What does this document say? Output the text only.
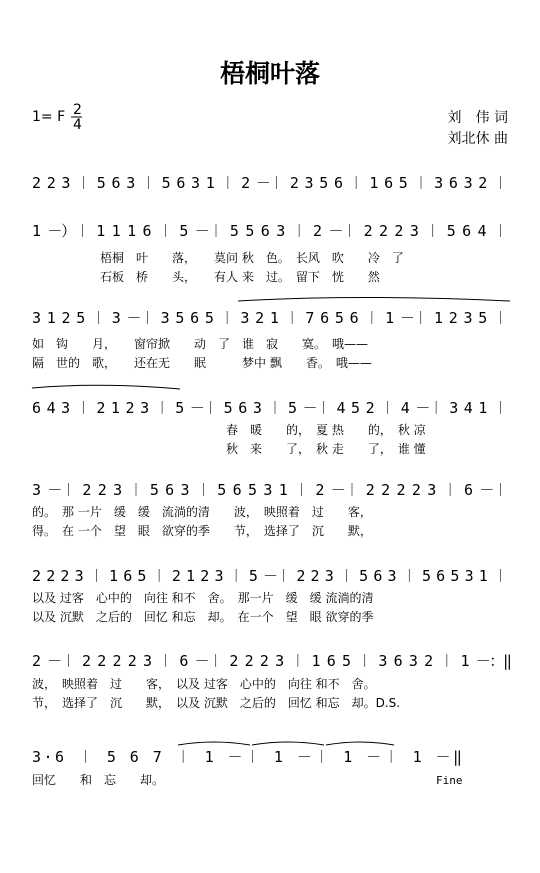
梧桐叶落
1= F 2
4	刘　伟 词
刘北休 曲
2 2 3 ︱ 5 6 3 ︱ 5 6 3 1 ︱ 2 －︱ 2 3 5 6 ︱ 1 6 5 ︱ 3 6 3 2 ︱
1 －）︱ 1 1 1 6 ︱ 5 －︱ 5 5 6 3 ︱ 2 －︱ 2 2 2 3 ︱ 5 6 4 ︱
梧桐　叶　　落，　　莫问 秋　色。　长风　吹　　冷　了
石板　桥　　头，　　有人 来　过。　留下　恍　　然
3 1 2 5 ︱ 3 －︱ 3 5 6 5 ︱ 3 2 1 ︱ 7 6 5 6 ︱ 1 －︱ 1 2 3 5 ︱
如　钩　　月，　　窗帘掀　　动　了　谁　寂　　寞。　哦——
隔　世的　歌，　　还在无　　眠　　　梦中 飘　　香。　哦——
6 4 3 ︱ 2 1 2 3 ︱ 5 －︱ 5 6 3 ︱ 5 －︱ 4 5 2 ︱ 4 －︱ 3 4 1 ︱
春　暖　　的，　夏 热　　的，　秋 凉
秋　来　　了，　秋 走　　了，　谁 懂
3 －︱ 2 2 3 ︱ 5 6 3 ︱ 5 6 5 3 1 ︱ 2 －︱ 2 2 2 2 3 ︱ 6 －︱
的。　那 一片　缓　缓　流淌的清　　波，　映照着　过　　客，
得。　在 一个　望　眼　欲穿的季　　节，　选择了　沉　　默，
2 2 2 3 ︱ 1 6 5 ︱ 2 1 2 3 ︱ 5 －︱ 2 2 3 ︱ 5 6 3 ︱ 5 6 5 3 1 ︱
以及 过客　心中的　向往 和不　舍。　那一片　缓　缓 流淌的清
以及 沉默　之后的　回忆 和忘　却。　在一个　望　眼 欲穿的季
2 －︱ 2 2 2 2 3 ︱ 6 －︱ 2 2 2 3 ︱ 1 6 5 ︱ 3 6 3 2 ︱ 1 －：‖
波，　映照着　过　　客，　以及 过客　心中的　向往 和不　舍。
节，　选择了　沉　　默，　以及 沉默　之后的　回忆 和忘　却。D.S.
3·6 ︱ 5 6 7 ︱ 1 －︱ 1 －︱ 1 －︱ 1 －‖
回忆　　和　忘　　却。	Fine
